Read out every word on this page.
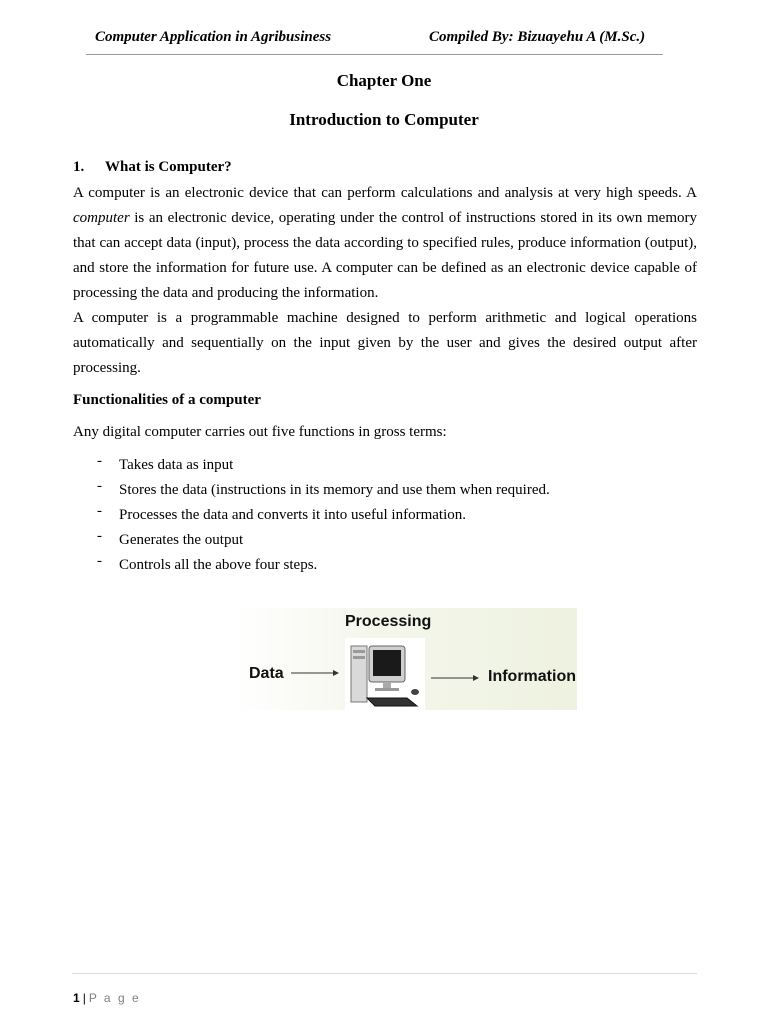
Computer Application in Agribusiness	Compiled By: Bizuayehu A (M.Sc.)
Chapter One
Introduction to Computer
1. What is Computer?

A computer is an electronic device that can perform calculations and analysis at very high speeds. A computer is an electronic device, operating under the control of instructions stored in its own memory that can accept data (input), process the data according to specified rules, produce information (output), and store the information for future use. A computer can be defined as an electronic device capable of processing the data and producing the information.

A computer is a programmable machine designed to perform arithmetic and logical operations automatically and sequentially on the input given by the user and gives the desired output after processing.

Functionalities of a computer
Any digital computer carries out five functions in gross terms:
- Takes data as input
- Stores the data (instructions in its memory and use them when required.
- Processes the data and converts it into useful information.
- Generates the output
- Controls all the above four steps.
Processing
Data	Information
1 | P a g e
